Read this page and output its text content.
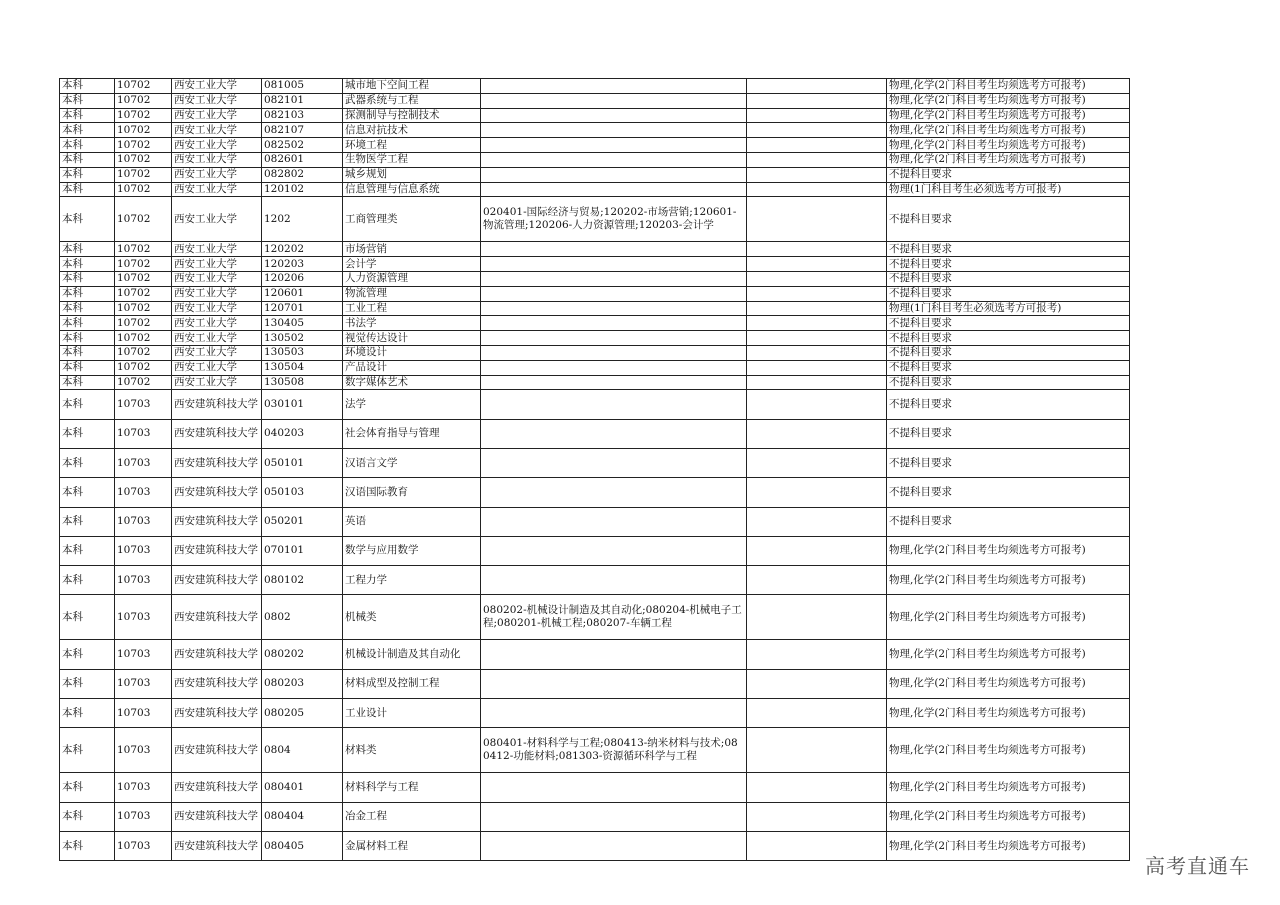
本科	10702	西安工业大学	081005	城市地下空间工程			物理,化学(2门科目考生均须选考方可报考)
本科	10702	西安工业大学	082101	武器系统与工程			物理,化学(2门科目考生均须选考方可报考)
本科	10702	西安工业大学	082103	探测制导与控制技术			物理,化学(2门科目考生均须选考方可报考)
本科	10702	西安工业大学	082107	信息对抗技术			物理,化学(2门科目考生均须选考方可报考)
本科	10702	西安工业大学	082502	环境工程			物理,化学(2门科目考生均须选考方可报考)
本科	10702	西安工业大学	082601	生物医学工程			物理,化学(2门科目考生均须选考方可报考)
本科	10702	西安工业大学	082802	城乡规划			不提科目要求
本科	10702	西安工业大学	120102	信息管理与信息系统			物理(1门科目考生必须选考方可报考)
本科	10702	西安工业大学	1202	工商管理类	020401-国际经济与贸易;120202-市场营销;120601-物流管理;120206-人力资源管理;120203-会计学		不提科目要求
本科	10702	西安工业大学	120202	市场营销			不提科目要求
本科	10702	西安工业大学	120203	会计学			不提科目要求
本科	10702	西安工业大学	120206	人力资源管理			不提科目要求
本科	10702	西安工业大学	120601	物流管理			不提科目要求
本科	10702	西安工业大学	120701	工业工程			物理(1门科目考生必须选考方可报考)
本科	10702	西安工业大学	130405	书法学			不提科目要求
本科	10702	西安工业大学	130502	视觉传达设计			不提科目要求
本科	10702	西安工业大学	130503	环境设计			不提科目要求
本科	10702	西安工业大学	130504	产品设计			不提科目要求
本科	10702	西安工业大学	130508	数字媒体艺术			不提科目要求
本科	10703	西安建筑科技大学	030101	法学			不提科目要求
本科	10703	西安建筑科技大学	040203	社会体育指导与管理			不提科目要求
本科	10703	西安建筑科技大学	050101	汉语言文学			不提科目要求
本科	10703	西安建筑科技大学	050103	汉语国际教育			不提科目要求
本科	10703	西安建筑科技大学	050201	英语			不提科目要求
本科	10703	西安建筑科技大学	070101	数学与应用数学			物理,化学(2门科目考生均须选考方可报考)
本科	10703	西安建筑科技大学	080102	工程力学			物理,化学(2门科目考生均须选考方可报考)
本科	10703	西安建筑科技大学	0802	机械类	080202-机械设计制造及其自动化;080204-机械电子工程;080201-机械工程;080207-车辆工程		物理,化学(2门科目考生均须选考方可报考)
本科	10703	西安建筑科技大学	080202	机械设计制造及其自动化			物理,化学(2门科目考生均须选考方可报考)
本科	10703	西安建筑科技大学	080203	材料成型及控制工程			物理,化学(2门科目考生均须选考方可报考)
本科	10703	西安建筑科技大学	080205	工业设计			物理,化学(2门科目考生均须选考方可报考)
本科	10703	西安建筑科技大学	0804	材料类	080401-材料科学与工程;080413-纳米材料与技术;080412-功能材料;081303-资源循环科学与工程		物理,化学(2门科目考生均须选考方可报考)
本科	10703	西安建筑科技大学	080401	材料科学与工程			物理,化学(2门科目考生均须选考方可报考)
本科	10703	西安建筑科技大学	080404	冶金工程			物理,化学(2门科目考生均须选考方可报考)
本科	10703	西安建筑科技大学	080405	金属材料工程			物理,化学(2门科目考生均须选考方可报考)
高考直通车
